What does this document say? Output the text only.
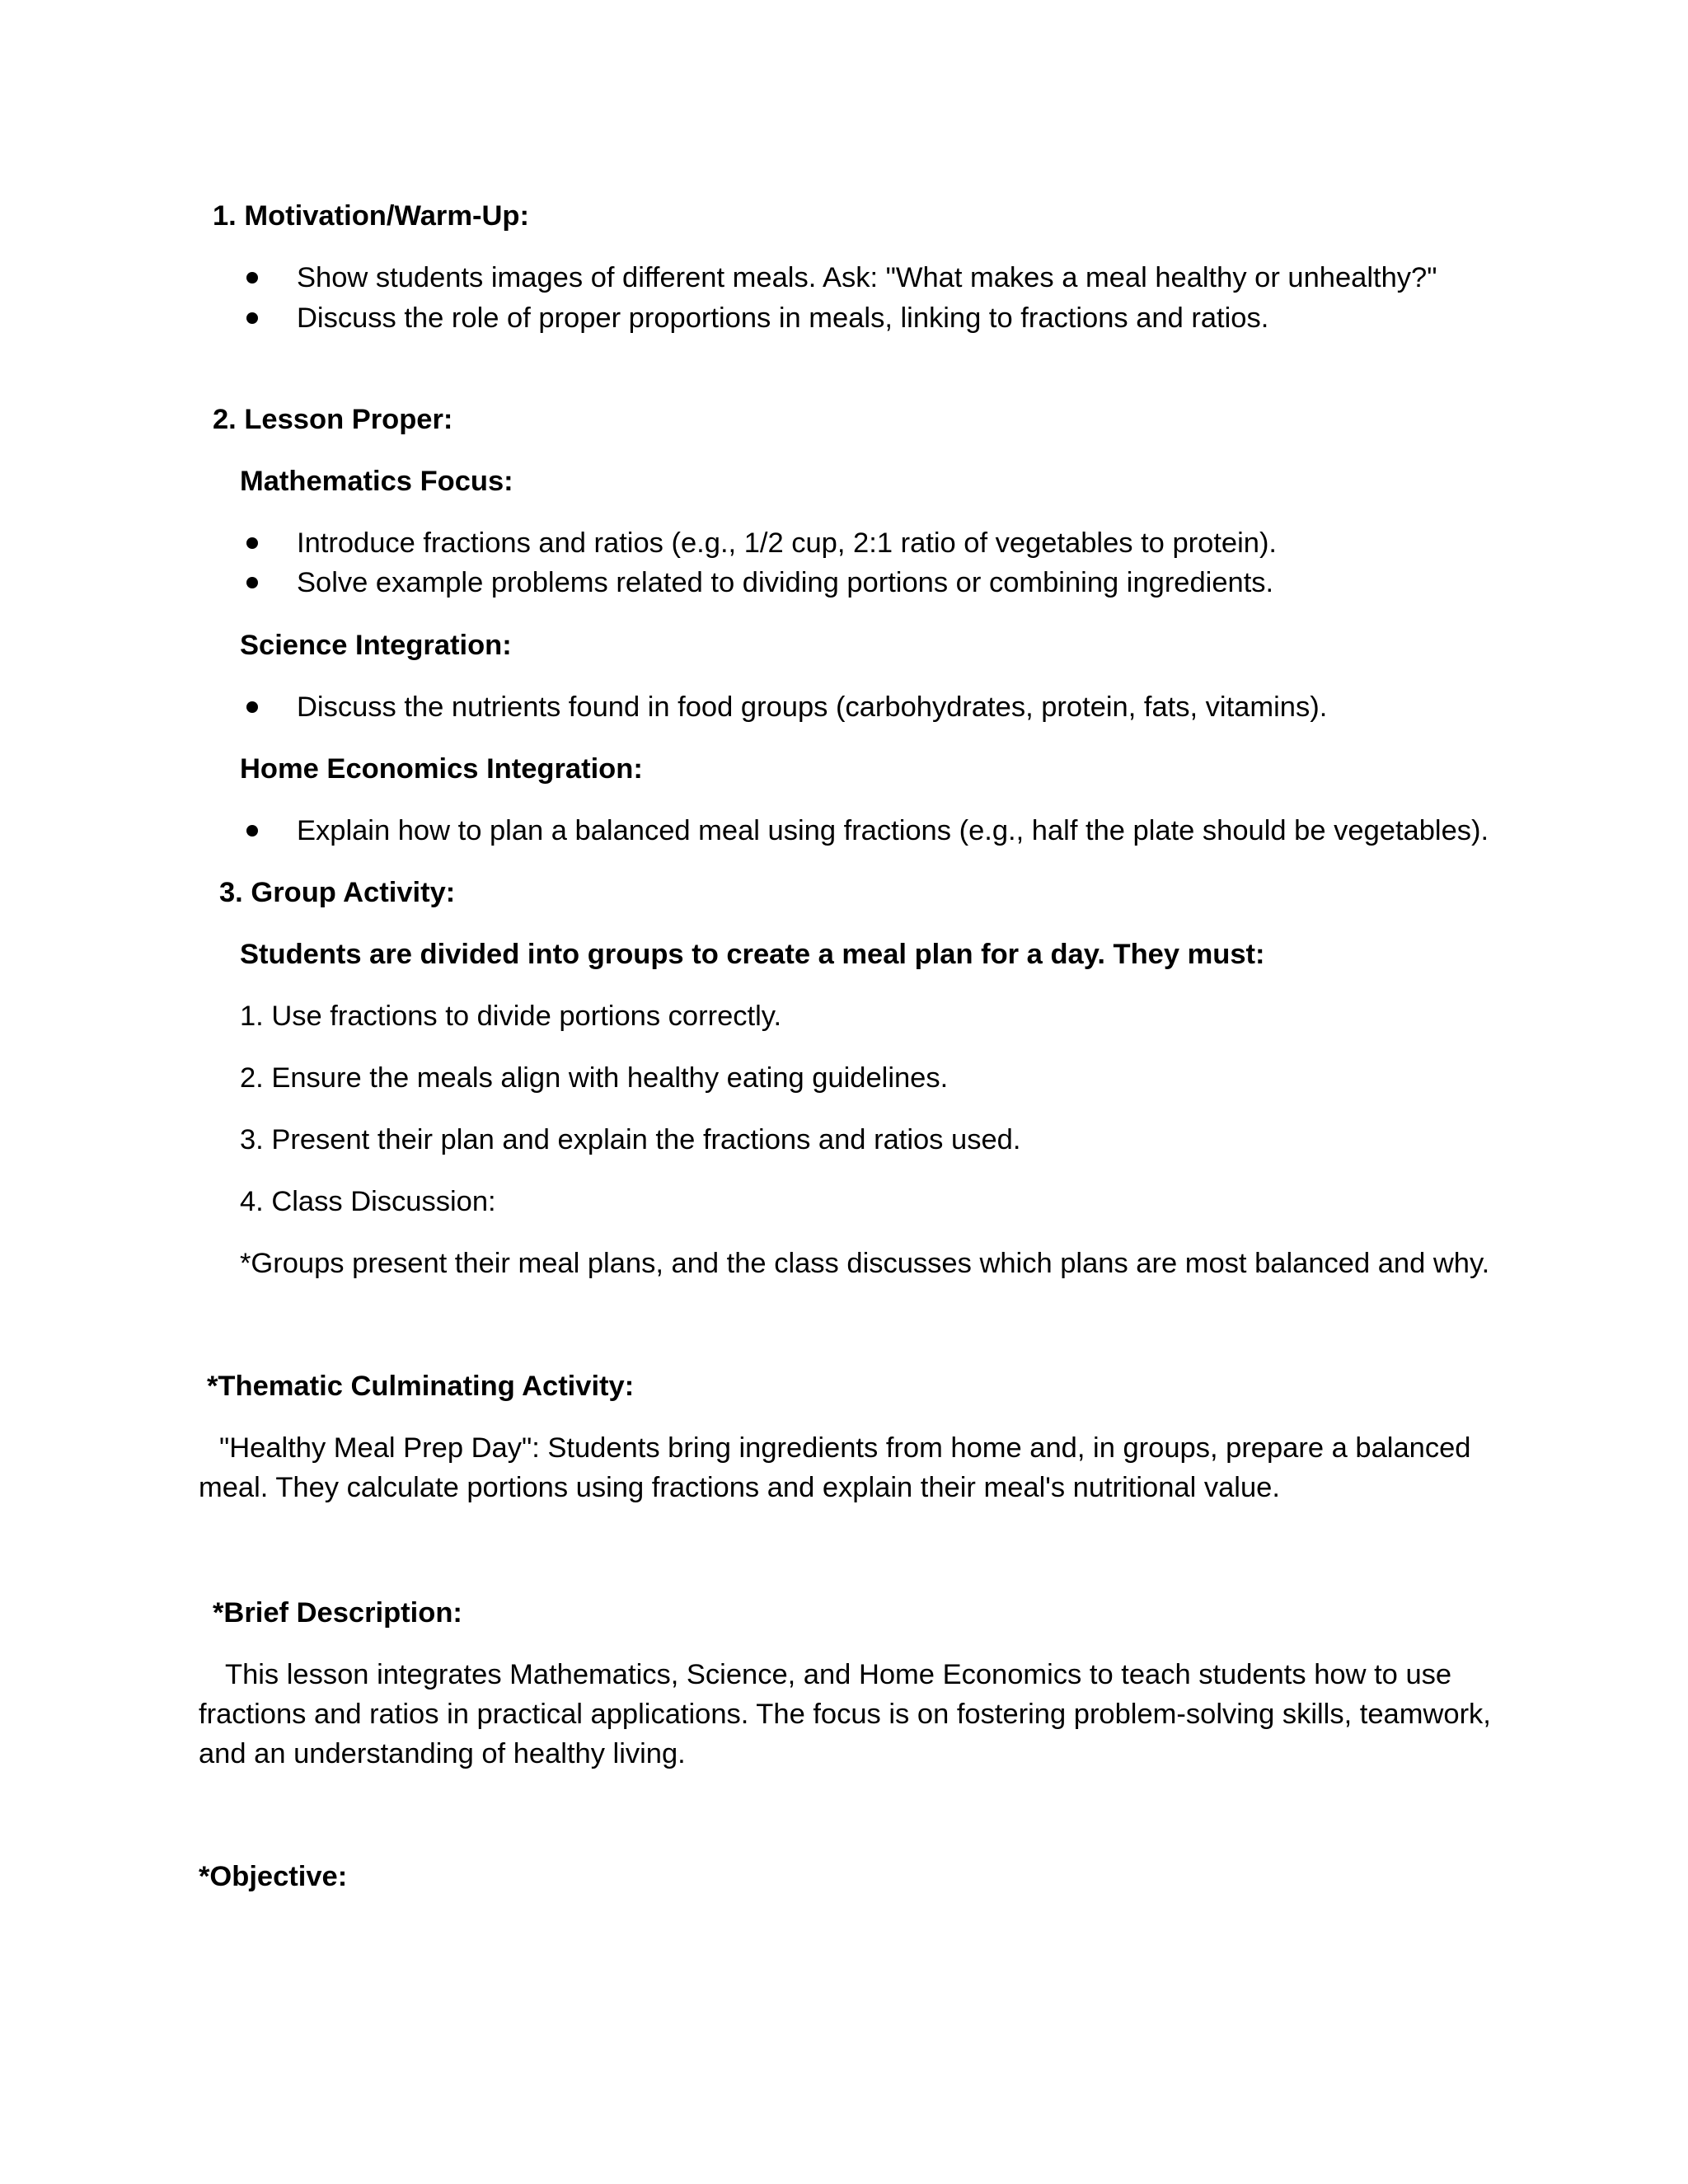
1. Motivation/Warm-Up:
Show students images of different meals. Ask: "What makes a meal healthy or unhealthy?"
Discuss the role of proper proportions in meals, linking to fractions and ratios.
2. Lesson Proper:
Mathematics Focus:
Introduce fractions and ratios (e.g., 1/2 cup, 2:1 ratio of vegetables to protein).
Solve example problems related to dividing portions or combining ingredients.
Science Integration:
Discuss the nutrients found in food groups (carbohydrates, protein, fats, vitamins).
Home Economics Integration:
Explain how to plan a balanced meal using fractions (e.g., half the plate should be vegetables).
3. Group Activity:
Students are divided into groups to create a meal plan for a day. They must:
1. Use fractions to divide portions correctly.
2. Ensure the meals align with healthy eating guidelines.
3. Present their plan and explain the fractions and ratios used.
4. Class Discussion:
*Groups present their meal plans, and the class discusses which plans are most balanced and why.
*Thematic Culminating Activity:
"Healthy Meal Prep Day": Students bring ingredients from home and, in groups, prepare a balanced
meal. They calculate portions using fractions and explain their meal's nutritional value.
*Brief Description:
This lesson integrates Mathematics, Science, and Home Economics to teach students how to use
fractions and ratios in practical applications. The focus is on fostering problem-solving skills, teamwork,
and an understanding of healthy living.
*Objective:
